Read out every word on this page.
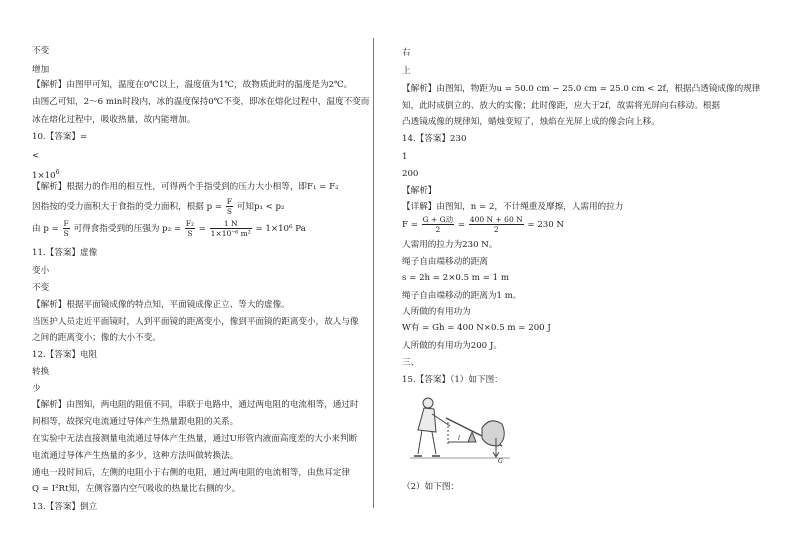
不变
增加
【解析】由图甲可知，温度在0℃以上，温度值为1℃，故物质此时的温度是为2℃。
由图乙可知，2～6 min时段内，冰的温度保持0℃不变，即冰在熔化过程中，温度不变而
冰在熔化过程中，吸收热量，故内能增加。
10.【答案】=
<
$1\times 10^6$
【解析】根据力的作用的相互性，可得两个手指受到的压力大小相等，即F₁ = F₂
因指按的受力面积大于食指的受力面积，根据 $p = \frac{F}{S}$ 可知p₁ < p₂
由 $p = \frac{F}{S}$ 可得食指受到的压强为 $p_2 = \frac{\text{F₂}}{S} = \frac{1 N}{\text{1×10⁻⁶ m²}} = 1\times 10^6$ Pa
11.【答案】虚像
变小
不变
【解析】根据平面镜成像的特点知，平面镜成像正立、等大的虚像。
当医护人员走近平面镜时，人到平面镜的距离变小，像到平面镜的距离变小，故人与像
之间的距离变小；像的大小不变。
12.【答案】电阻
转换
少
【解析】由图知，两电阻的阻值不同，串联于电路中，通过两电阻的电流相等，通过时
间相等，故探究电流通过导体产生热量跟电阻的关系。
在实验中无法直接测量电流通过导体产生热量，通过U形管内液面高度差的大小来判断
电流通过导体产生热量的多少，这种方法叫做转换法。
通电一段时间后，左侧的电阻小于右侧的电阻，通过两电阻的电流相等，由焦耳定律
Q = I²Rt知，左侧容器内空气吸收的热量比右侧的少。
13.【答案】倒立
右
上
【解析】由图知，物距为u = 50.0 cm − 25.0 cm = 25.0 cm < 2f，根据凸透镜成像的规律
知，此时成倒立的、放大的实像；此时像距，应大于2f，故需将光屏向右移动。根据
凸透镜成像的规律知，蜡烛变短了，烛焰在光屏上成的像会向上移。
14.【答案】230
1
200
【解析】
【详解】由图知，n = 2，不计绳重及摩擦，人需用的拉力
$F = \frac{\text{G + G动}}{2} = \frac{400 N + 60 N}{2} = 230$ N
人需用的拉力为230 N。
绳子自由端移动的距离
s = 2h = 2×0.5 m = 1 m
绳子自由端移动的距离为1 m。
人所做的有用功为
W有 = Gh = 400 N×0.5 m = 200 J
人所做的有用功为200 J。
三、
15.【答案】（1）如下图：
（2）如下图：
l
G
